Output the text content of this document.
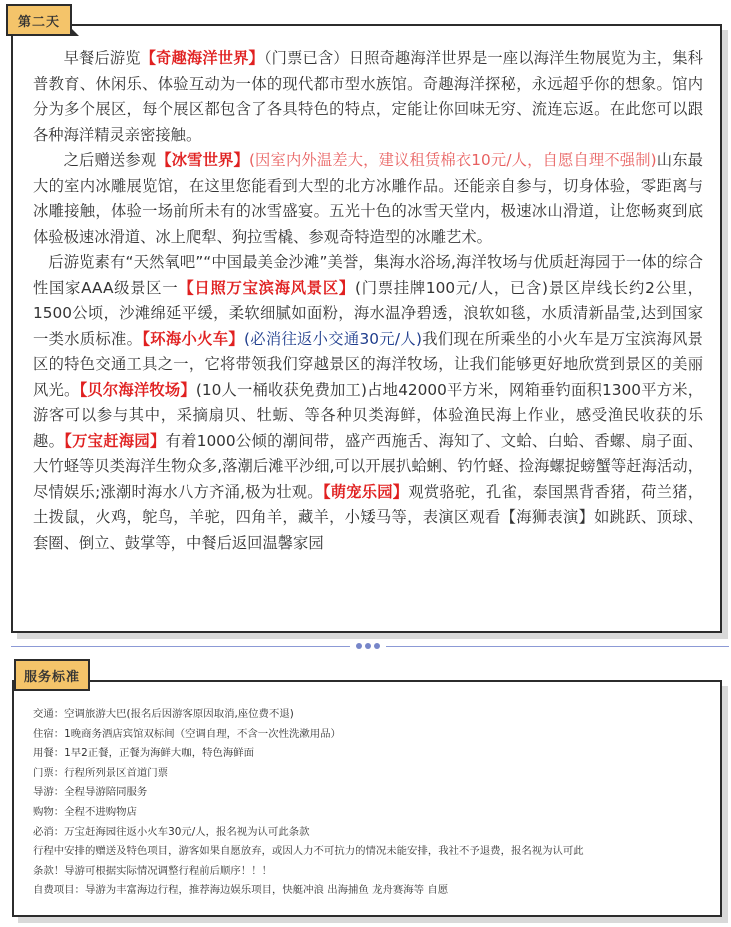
第二天

早餐后游览【奇趣海洋世界】（门票已含）日照奇趣海洋世界是一座以海洋生物展览为主，集科普教育、休闲乐、体验互动为一体的现代都市型水族馆。奇趣海洋探秘，永远超乎你的想象。馆内分为多个展区，每个展区都包含了各具特色的特点，定能让你回味无穷、流连忘返。在此您可以跟各种海洋精灵亲密接触。

之后赠送参观【冰雪世界】(因室内外温差大，建议租赁棉衣10元/人，自愿自理不强制)山东最大的室内冰雕展览馆，在这里您能看到大型的北方冰雕作品。还能亲自参与，切身体验，零距离与冰雕接触，体验一场前所未有的冰雪盛宴。五光十色的冰雪天堂内，极速冰山滑道，让您畅爽到底体验极速冰滑道、冰上爬犁、狗拉雪橇、参观奇特造型的冰雕艺术。

后游览素有“天然氧吧”“中国最美金沙滩”美誉，集海水浴场,海洋牧场与优质赶海园于一体的综合性国家AAA级景区一【日照万宝滨海风景区】(门票挂牌100元/人，已含)景区岸线长约2公里，1500公顷，沙滩绵延平缓，柔软细腻如面粉，海水温净碧透，浪软如毯，水质清新晶莹,达到国家一类水质标准。【环海小火车】(必消往返小交通30元/人)我们现在所乘坐的小火车是万宝滨海风景区的特色交通工具之一，它将带领我们穿越景区的海洋牧场，让我们能够更好地欣赏到景区的美丽风光。【贝尔海洋牧场】(10人一桶收获免费加工)占地42000平方米，网箱垂钓面积1300平方米，游客可以参与其中，采摘扇贝、牡蛎、等各种贝类海鲜，体验渔民海上作业，感受渔民收获的乐趣。【万宝赶海园】有着1000公倾的潮间带，盛产西施舌、海知了、文蛤、白蛤、香螺、扇子面、大竹蛏等贝类海洋生物众多,落潮后滩平沙细,可以开展扒蛤蜊、钓竹蛏、捡海螺捉螃蟹等赶海活动，尽情娱乐;涨潮时海水八方齐涌,极为壮观。【萌宠乐园】观赏骆驼，孔雀，泰国黑背香猪，荷兰猪，土拨鼠，火鸡，鸵鸟，羊驼，四角羊，藏羊，小矮马等，表演区观看【海狮表演】如跳跃、顶球、套圈、倒立、鼓掌等，中餐后返回温馨家园

服务标准
交通：空调旅游大巴(报名后因游客原因取消,座位费不退)
住宿：1晚商务酒店宾馆双标间（空调自理，不含一次性洗漱用品）
用餐：1早2正餐，正餐为海鲜大咖，特色海鲜面
门票：行程所列景区首道门票
导游：全程导游陪同服务
购物：全程不进购物店
必消：万宝赶海园往返小火车30元/人，报名视为认可此条款
行程中安排的赠送及特色项目，游客如果自愿放弃，或因人力不可抗力的情况未能安排，我社不予退费，报名视为认可此
条款！导游可根据实际情况调整行程前后顺序！！！
自费项目：导游为丰富海边行程，推荐海边娱乐项目，快艇冲浪 出海捕鱼 龙舟赛海等 自愿
